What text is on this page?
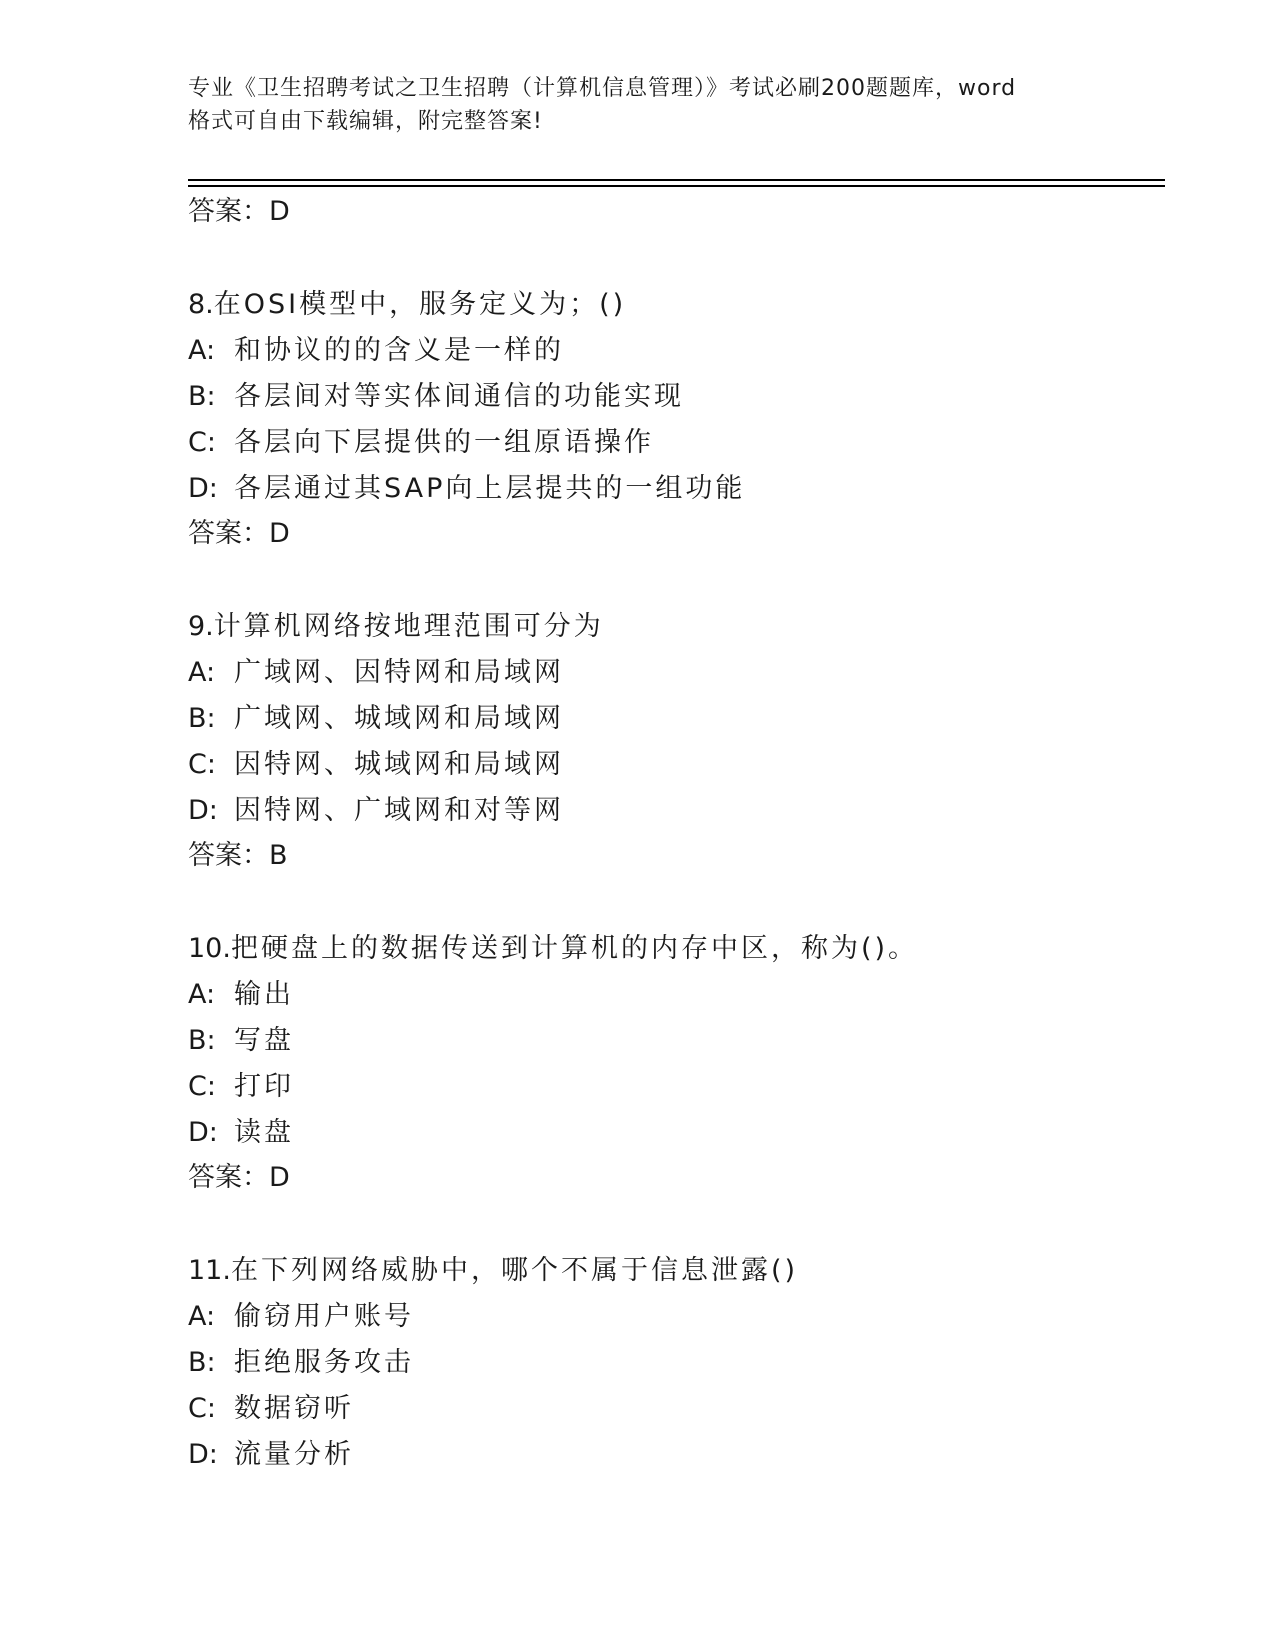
专业《卫生招聘考试之卫生招聘（计算机信息管理）》考试必刷200题题库，word
格式可自由下载编辑，附完整答案!
答案：D
8.在OSI模型中，服务定义为；()
A: 和协议的的含义是一样的
B: 各层间对等实体间通信的功能实现
C: 各层向下层提供的一组原语操作
D: 各层通过其SAP向上层提共的一组功能
答案：D
9.计算机网络按地理范围可分为
A: 广域网、因特网和局域网
B: 广域网、城域网和局域网
C: 因特网、城域网和局域网
D: 因特网、广域网和对等网
答案：B
10.把硬盘上的数据传送到计算机的内存中区，称为()。
A: 输出
B: 写盘
C: 打印
D: 读盘
答案：D
11.在下列网络威胁中，哪个不属于信息泄露()
A: 偷窃用户账号
B: 拒绝服务攻击
C: 数据窃听
D: 流量分析
